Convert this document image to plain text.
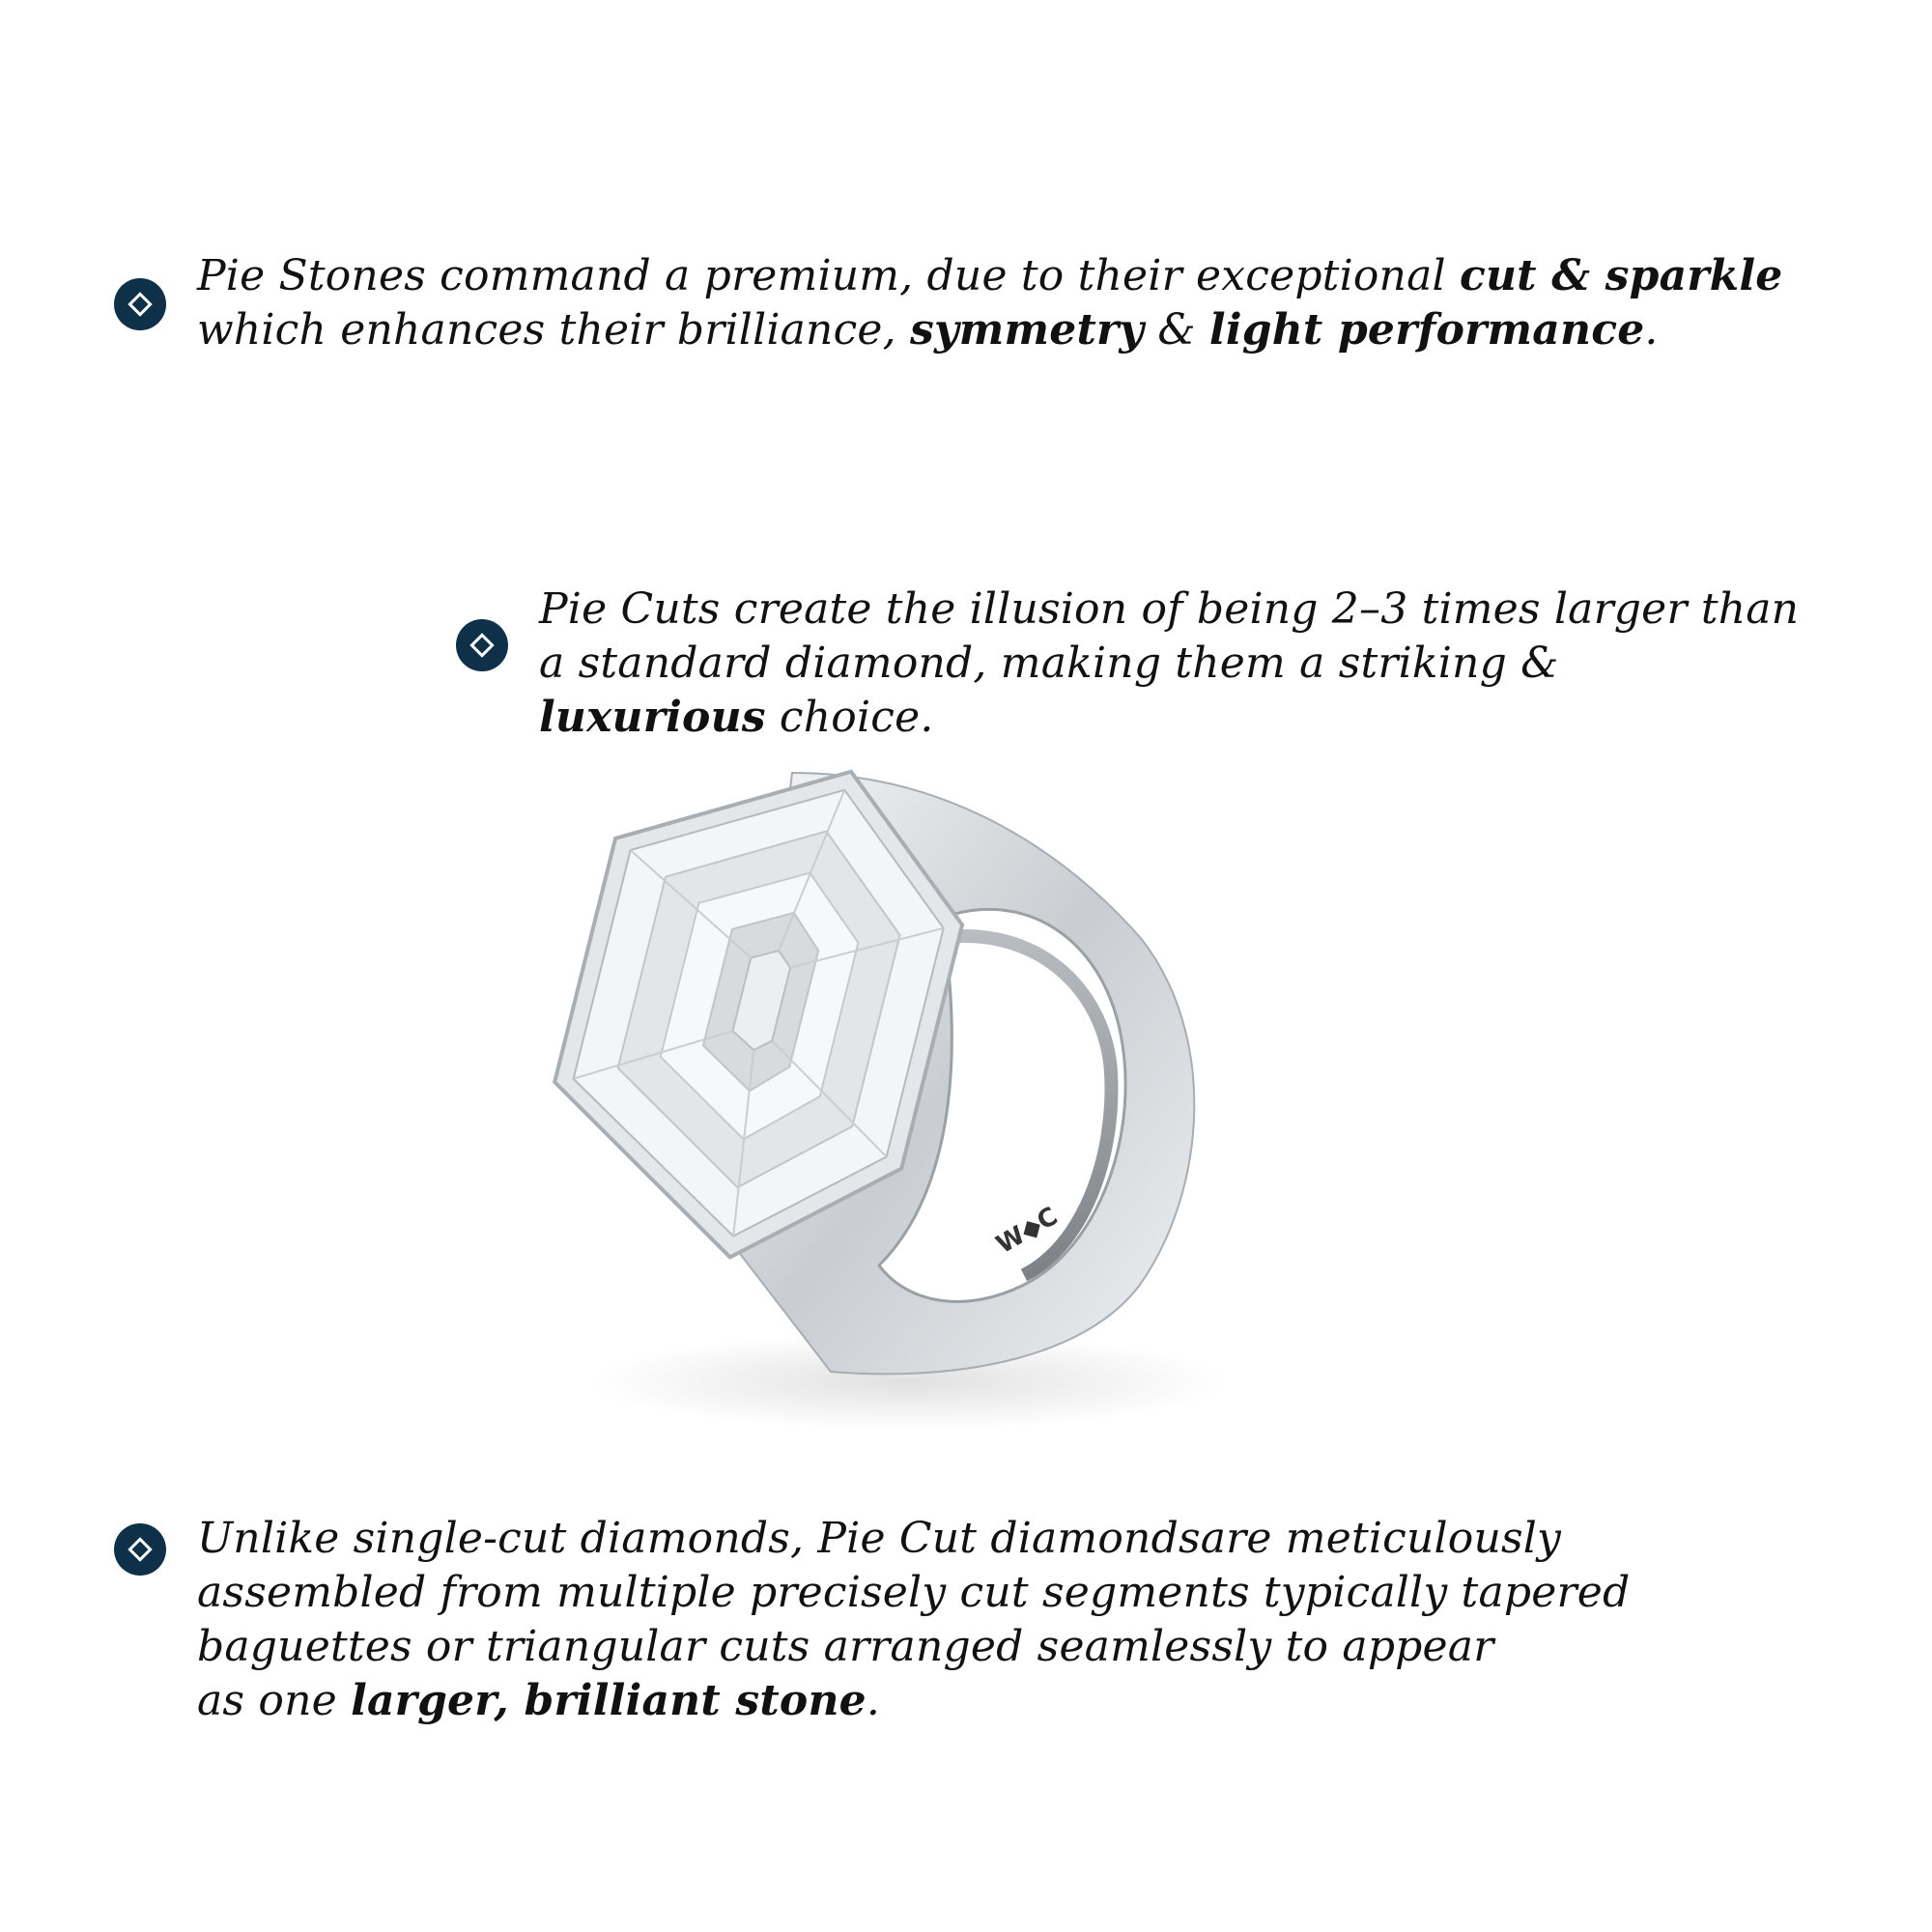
Pie Stones command a premium, due to their exceptional cut & sparkle
which enhances their brilliance, symmetry & light performance.
Pie Cuts create the illusion of being 2–3 times larger than
a standard diamond, making them a striking &
luxurious choice.
W◆C
Unlike single-cut diamonds, Pie Cut diamondsare meticulously
assembled from multiple precisely cut segments typically tapered
baguettes or triangular cuts arranged seamlessly to appear
as one larger, brilliant stone.
